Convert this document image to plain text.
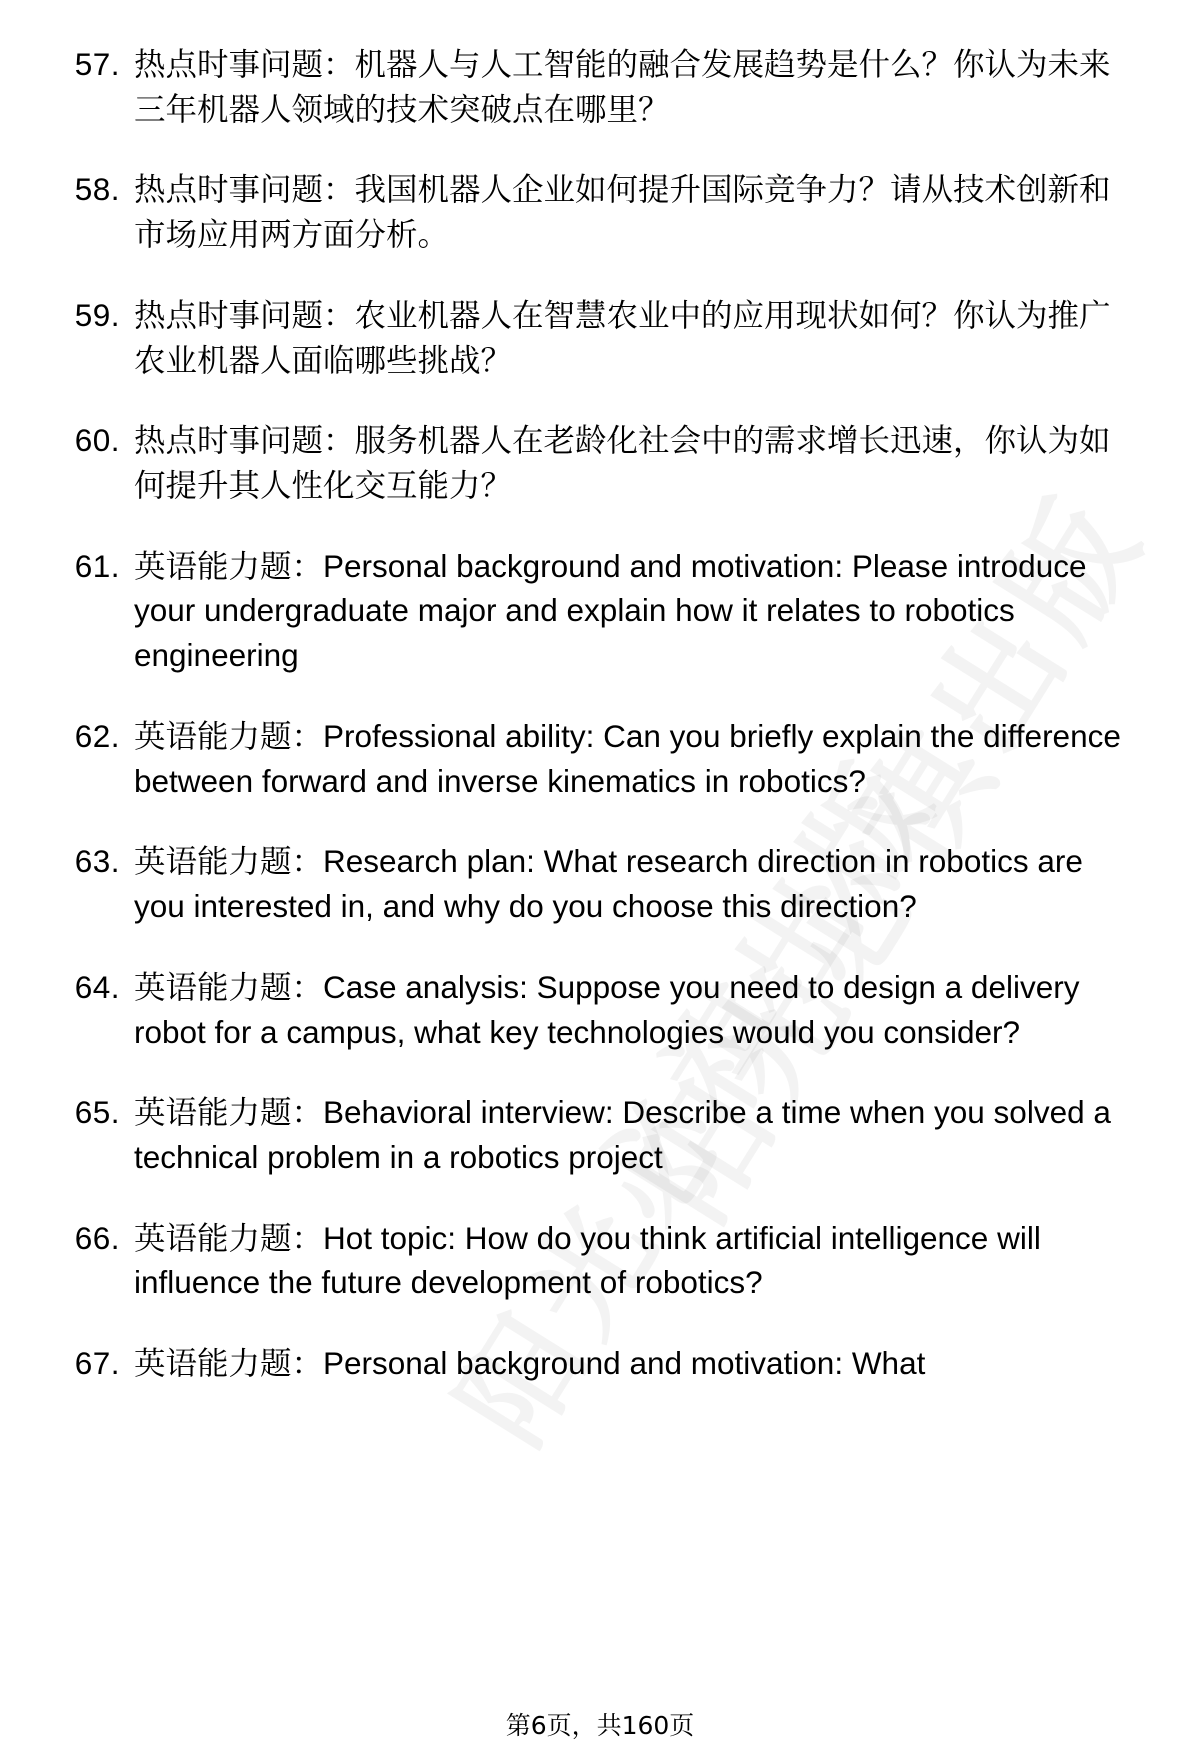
57. 热点时事问题：机器人与人工智能的融合发展趋势是什么？你认为未来三年机器人领域的技术突破点在哪里？
58. 热点时事问题：我国机器人企业如何提升国际竞争力？请从技术创新和市场应用两方面分析。
59. 热点时事问题：农业机器人在智慧农业中的应用现状如何？你认为推广农业机器人面临哪些挑战？
60. 热点时事问题：服务机器人在老龄化社会中的需求增长迅速，你认为如何提升其人性化交互能力？
61. 英语能力题：Personal background and motivation: Please introduce your undergraduate major and explain how it relates to robotics engineering
62. 英语能力题：Professional ability: Can you briefly explain the difference between forward and inverse kinematics in robotics?
63. 英语能力题：Research plan: What research direction in robotics are you interested in, and why do you choose this direction?
64. 英语能力题：Case analysis: Suppose you need to design a delivery robot for a campus, what key technologies would you consider?
65. 英语能力题：Behavioral interview: Describe a time when you solved a technical problem in a robotics project
66. 英语能力题：Hot topic: How do you think artificial intelligence will influence the future development of robotics?
67. 英语能力题：Personal background and motivation: What
第6页，共160页
